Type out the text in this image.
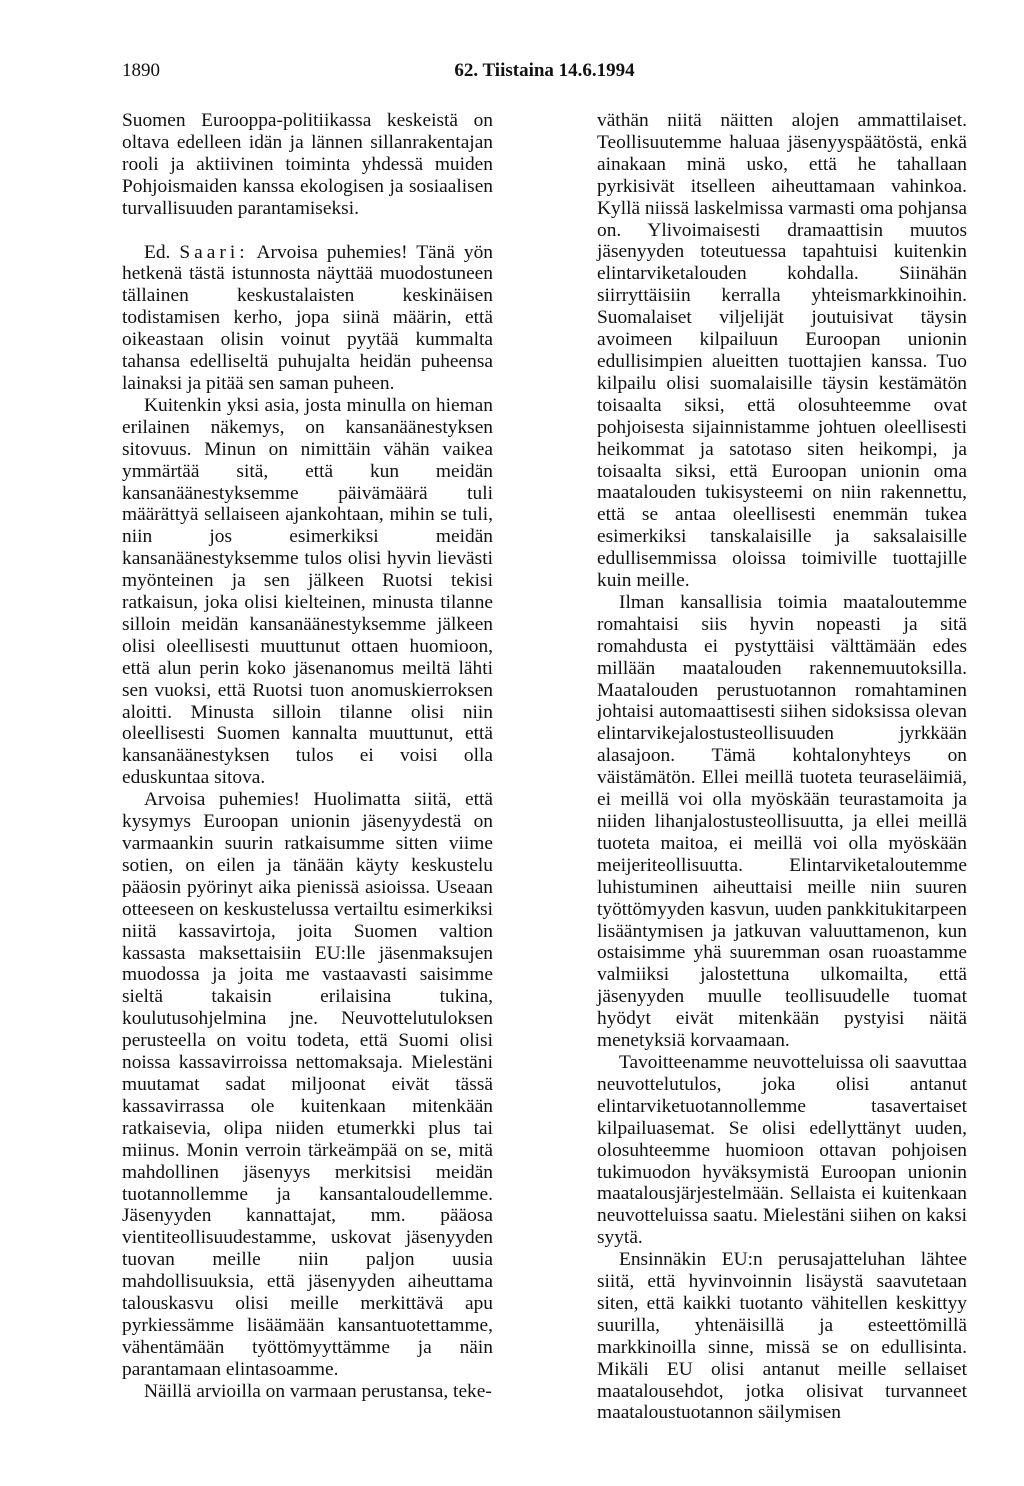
1890	62. Tiistaina 14.6.1994

Suomen Eurooppa-politiikassa keskeistä on oltava edelleen idän ja lännen sillanrakentajan rooli ja aktiivinen toiminta yhdessä muiden Pohjoismaiden kanssa ekologisen ja sosiaalisen turvallisuuden parantamiseksi.

Ed. Saari: Arvoisa puhemies! Tänä yön hetkenä tästä istunnosta näyttää muodostuneen tällainen keskustalaisten keskinäisen todistamisen kerho, jopa siinä määrin, että oikeastaan olisin voinut pyytää kummalta tahansa edelliseltä puhujalta heidän puheensa lainaksi ja pitää sen saman puheen.

Kuitenkin yksi asia, josta minulla on hieman erilainen näkemys, on kansanäänestyksen sitovuus. Minun on nimittäin vähän vaikea ymmärtää sitä, että kun meidän kansanäänestyksemme päivämäärä tuli määrättyä sellaiseen ajankohtaan, mihin se tuli, niin jos esimerkiksi meidän kansanäänestyksemme tulos olisi hyvin lievästi myönteinen ja sen jälkeen Ruotsi tekisi ratkaisun, joka olisi kielteinen, minusta tilanne silloin meidän kansanäänestyksemme jälkeen olisi oleellisesti muuttunut ottaen huomioon, että alun perin koko jäsenanomus meiltä lähti sen vuoksi, että Ruotsi tuon anomuskierroksen aloitti. Minusta silloin tilanne olisi niin oleellisesti Suomen kannalta muuttunut, että kansanäänestyksen tulos ei voisi olla eduskuntaa sitova.

Arvoisa puhemies! Huolimatta siitä, että kysymys Euroopan unionin jäsenyydestä on varmaankin suurin ratkaisumme sitten viime sotien, on eilen ja tänään käyty keskustelu pääosin pyörinyt aika pienissä asioissa. Useaan otteeseen on keskustelussa vertailtu esimerkiksi niitä kassavirtoja, joita Suomen valtion kassasta maksettaisiin EU:lle jäsenmaksujen muodossa ja joita me vastaavasti saisimme sieltä takaisin erilaisina tukina, koulutusohjelmina jne. Neuvottelutuloksen perusteella on voitu todeta, että Suomi olisi noissa kassavirroissa nettomaksaja. Mielestäni muutamat sadat miljoonat eivät tässä kassavirrassa ole kuitenkaan mitenkään ratkaisevia, olipa niiden etumerkki plus tai miinus. Monin verroin tärkeämpää on se, mitä mahdollinen jäsenyys merkitsisi meidän tuotannollemme ja kansantaloudellemme. Jäsenyyden kannattajat, mm. pääosa vientiteollisuudestamme, uskovat jäsenyyden tuovan meille niin paljon uusia mahdollisuuksia, että jäsenyyden aiheuttama talouskasvu olisi meille merkittävä apu pyrkiessämme lisäämään kansantuotettamme, vähentämään työttömyyttämme ja näin parantamaan elintasoamme.

Näillä arvioilla on varmaan perustansa, teke-

väthän niitä näitten alojen ammattilaiset. Teollisuutemme haluaa jäsenyyspäätöstä, enkä ainakaan minä usko, että he tahallaan pyrkisivät itselleen aiheuttamaan vahinkoa. Kyllä niissä laskelmissa varmasti oma pohjansa on. Ylivoimaisesti dramaattisin muutos jäsenyyden toteutuessa tapahtuisi kuitenkin elintarviketalouden kohdalla. Siinähän siirryttäisiin kerralla yhteismarkkinoihin. Suomalaiset viljelijät joutuisivat täysin avoimeen kilpailuun Euroopan unionin edullisimpien alueitten tuottajien kanssa. Tuo kilpailu olisi suomalaisille täysin kestämätön toisaalta siksi, että olosuhteemme ovat pohjoisesta sijainnistamme johtuen oleellisesti heikommat ja satotaso siten heikompi, ja toisaalta siksi, että Euroopan unionin oma maatalouden tukisysteemi on niin rakennettu, että se antaa oleellisesti enemmän tukea esimerkiksi tanskalaisille ja saksalaisille edullisemmissa oloissa toimiville tuottajille kuin meille.

Ilman kansallisia toimia maataloutemme romahtaisi siis hyvin nopeasti ja sitä romahdusta ei pystyttäisi välttämään edes millään maatalouden rakennemuutoksilla. Maatalouden perustuotannon romahtaminen johtaisi automaattisesti siihen sidoksissa olevan elintarvikejalostusteollisuuden jyrkkään alasajoon. Tämä kohtalonyhteys on väistämätön. Ellei meillä tuoteta teuraseläimiä, ei meillä voi olla myöskään teurastamoita ja niiden lihanjalostusteollisuutta, ja ellei meillä tuoteta maitoa, ei meillä voi olla myöskään meijeriteollisuutta. Elintarviketaloutemme luhistuminen aiheuttaisi meille niin suuren työttömyyden kasvun, uuden pankkitukitarpeen lisääntymisen ja jatkuvan valuuttamenon, kun ostaisimme yhä suuremman osan ruoastamme valmiiksi jalostettuna ulkomailta, että jäsenyyden muulle teollisuudelle tuomat hyödyt eivät mitenkään pystyisi näitä menetyksiä korvaamaan.

Tavoitteenamme neuvotteluissa oli saavuttaa neuvottelutulos, joka olisi antanut elintarviketuotannollemme tasavertaiset kilpailuasemat. Se olisi edellyttänyt uuden, olosuhteemme huomioon ottavan pohjoisen tukimuodon hyväksymistä Euroopan unionin maatalousjärjestelmään. Sellaista ei kuitenkaan neuvotteluissa saatu. Mielestäni siihen on kaksi syytä.

Ensinnäkin EU:n perusajatteluhan lähtee siitä, että hyvinvoinnin lisäystä saavutetaan siten, että kaikki tuotanto vähitellen keskittyy suurilla, yhtenäisillä ja esteettömillä markkinoilla sinne, missä se on edullisinta. Mikäli EU olisi antanut meille sellaiset maatalousehdot, jotka olisivat turvanneet maataloustuotannon säilymisen
